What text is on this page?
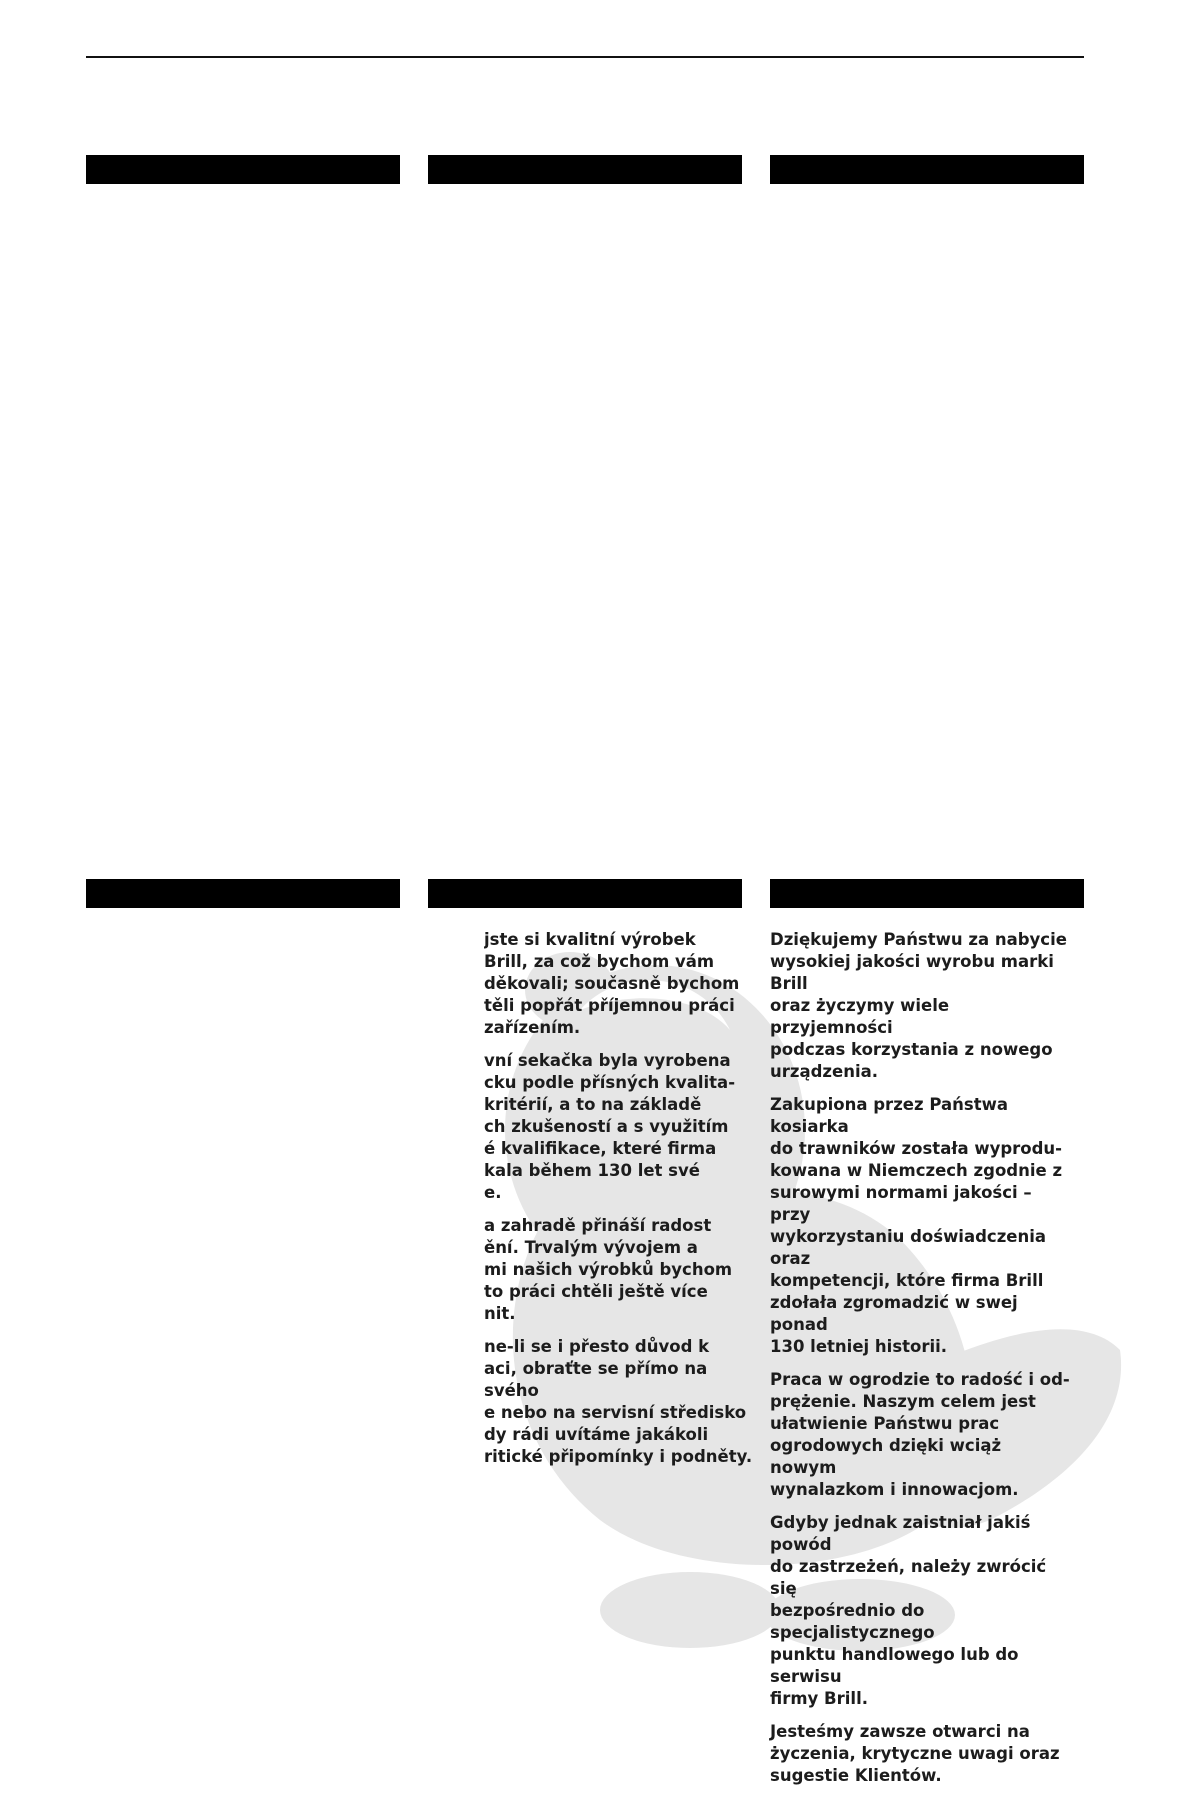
jste si kvalitní výrobek
Brill, za což bychom vám
děkovali; současně bychom
těli popřát příjemnou práci
zařízením.

vní sekačka byla vyrobena
cku podle přísných kvalita-
kritérií, a to na základě
ch zkušeností a s využitím
é kvalifikace, které firma
kala během 130 let své
e.

a zahradě přináší radost
ění. Trvalým vývojem a
mi našich výrobků bychom
to práci chtěli ještě více
nit.

ne-li se i přesto důvod k
aci, obraťte se přímo na svého
e nebo na servisní středisko
dy rádi uvítáme jakákoli
ritické připomínky i podněty.

Dziękujemy Państwu za nabycie
wysokiej jakości wyrobu marki Brill
oraz życzymy wiele przyjemności
podczas korzystania z nowego
urządzenia.

Zakupiona przez Państwa kosiarka
do trawników została wyprodu-
kowana w Niemczech zgodnie z
surowymi normami jakości – przy
wykorzystaniu doświadczenia oraz
kompetencji, które firma Brill
zdołała zgromadzić w swej ponad
130 letniej historii.

Praca w ogrodzie to radość i od-
prężenie. Naszym celem jest
ułatwienie Państwu prac
ogrodowych dzięki wciąż nowym
wynalazkom i innowacjom.

Gdyby jednak zaistniał jakiś powód
do zastrzeżeń, należy zwrócić się
bezpośrednio do specjalistycznego
punktu handlowego lub do serwisu
firmy Brill.

Jesteśmy zawsze otwarci na
życzenia, krytyczne uwagi oraz
sugestie Klientów.
